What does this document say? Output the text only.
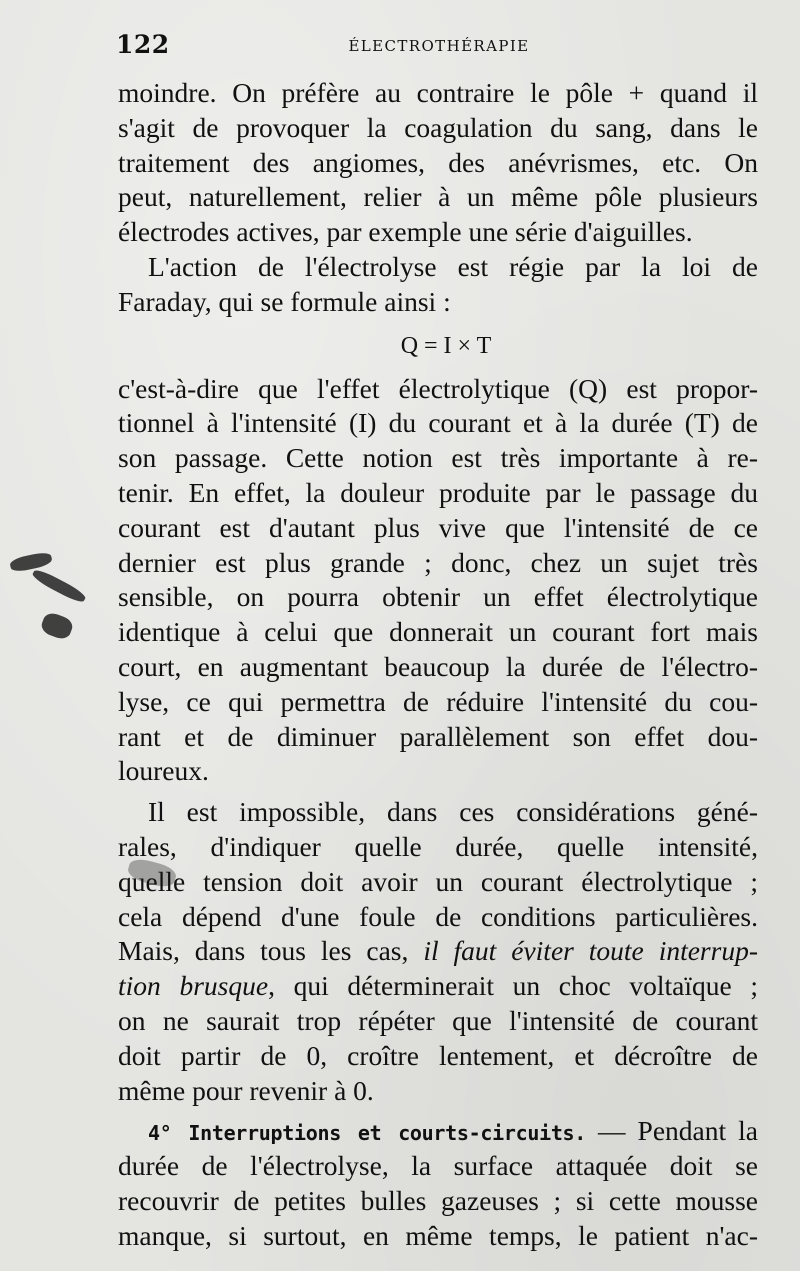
122	ÉLECTROTHÉRAPIE
moindre. On préfère au contraire le pôle + quand il
s'agit de provoquer la coagulation du sang, dans le
traitement des angiomes, des anévrismes, etc. On
peut, naturellement, relier à un même pôle plusieurs
électrodes actives, par exemple une série d'aiguilles.
L'action de l'électrolyse est régie par la loi de
Faraday, qui se formule ainsi :
Q = I × T
c'est-à-dire que l'effet électrolytique (Q) est propor-
tionnel à l'intensité (I) du courant et à la durée (T) de
son passage. Cette notion est très importante à re-
tenir. En effet, la douleur produite par le passage du
courant est d'autant plus vive que l'intensité de ce
dernier est plus grande ; donc, chez un sujet très
sensible, on pourra obtenir un effet électrolytique
identique à celui que donnerait un courant fort mais
court, en augmentant beaucoup la durée de l'électro-
lyse, ce qui permettra de réduire l'intensité du cou-
rant et de diminuer parallèlement son effet dou-
loureux.
Il est impossible, dans ces considérations géné-
rales, d'indiquer quelle durée, quelle intensité,
quelle tension doit avoir un courant électrolytique ;
cela dépend d'une foule de conditions particulières.
Mais, dans tous les cas, il faut éviter toute interrup-
tion brusque, qui déterminerait un choc voltaïque ;
on ne saurait trop répéter que l'intensité de courant
doit partir de 0, croître lentement, et décroître de
même pour revenir à 0.
4° Interruptions et courts-circuits. — Pendant la
durée de l'électrolyse, la surface attaquée doit se
recouvrir de petites bulles gazeuses ; si cette mousse
manque, si surtout, en même temps, le patient n'ac-
